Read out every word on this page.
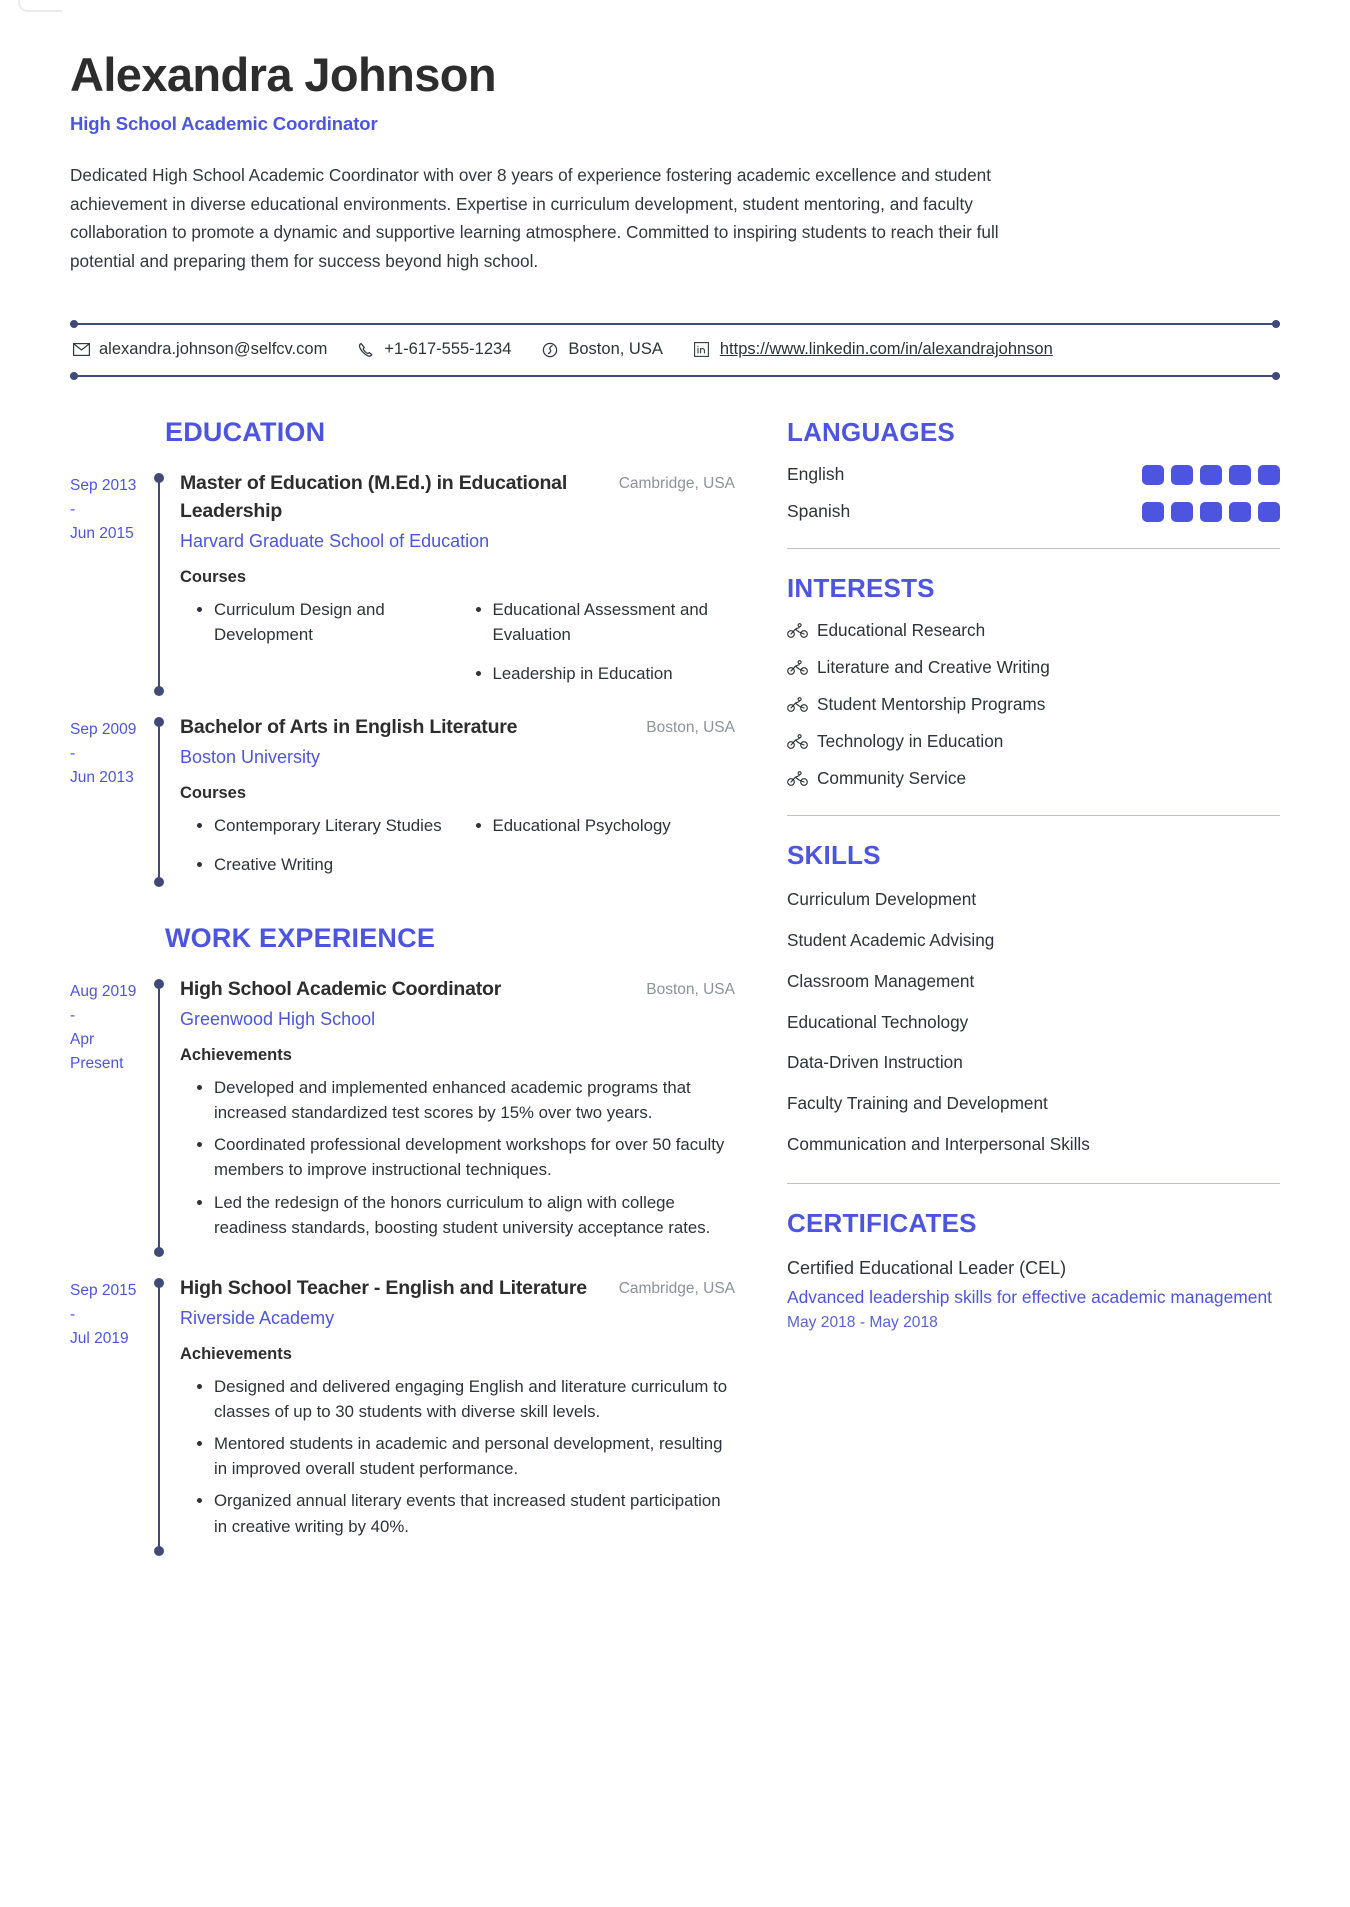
Alexandra Johnson
High School Academic Coordinator

Dedicated High School Academic Coordinator with over 8 years of experience fostering academic excellence and student achievement in diverse educational environments. Expertise in curriculum development, student mentoring, and faculty collaboration to promote a dynamic and supportive learning atmosphere. Committed to inspiring students to reach their full potential and preparing them for success beyond high school.

alexandra.johnson@selfcv.com	+1-617-555-1234	Boston, USA	https://www.linkedin.com/in/alexandrajohnson
EDUCATION
Sep 2013
-
Jun 2015
Master of Education (M.Ed.) in Educational Leadership
Cambridge, USA
Harvard Graduate School of Education
Courses
• Curriculum Design and Development
• Educational Assessment and Evaluation
• Leadership in Education
Sep 2009
-
Jun 2013
Bachelor of Arts in English Literature	Boston, USA
Boston University
Courses
• Contemporary Literary Studies
• Creative Writing
• Educational Psychology
WORK EXPERIENCE
Aug 2019
-
Apr
Present
High School Academic Coordinator	Boston, USA
Greenwood High School
Achievements
• Developed and implemented enhanced academic programs that increased standardized test scores by 15% over two years.
• Coordinated professional development workshops for over 50 faculty members to improve instructional techniques.
• Led the redesign of the honors curriculum to align with college readiness standards, boosting student university acceptance rates.
Sep 2015
-
Jul 2019
High School Teacher - English and Literature Cambridge, USA
Riverside Academy
Achievements
• Designed and delivered engaging English and literature curriculum to classes of up to 30 students with diverse skill levels.
• Mentored students in academic and personal development, resulting in improved overall student performance.
• Organized annual literary events that increased student participation in creative writing by 40%.
LANGUAGES
English
Spanish
INTERESTS
Educational Research
Literature and Creative Writing
Student Mentorship Programs
Technology in Education
Community Service
SKILLS
Curriculum Development
Student Academic Advising
Classroom Management
Educational Technology
Data-Driven Instruction
Faculty Training and Development
Communication and Interpersonal Skills
CERTIFICATES
Certified Educational Leader (CEL)
Advanced leadership skills for effective academic management
May 2018 - May 2018
